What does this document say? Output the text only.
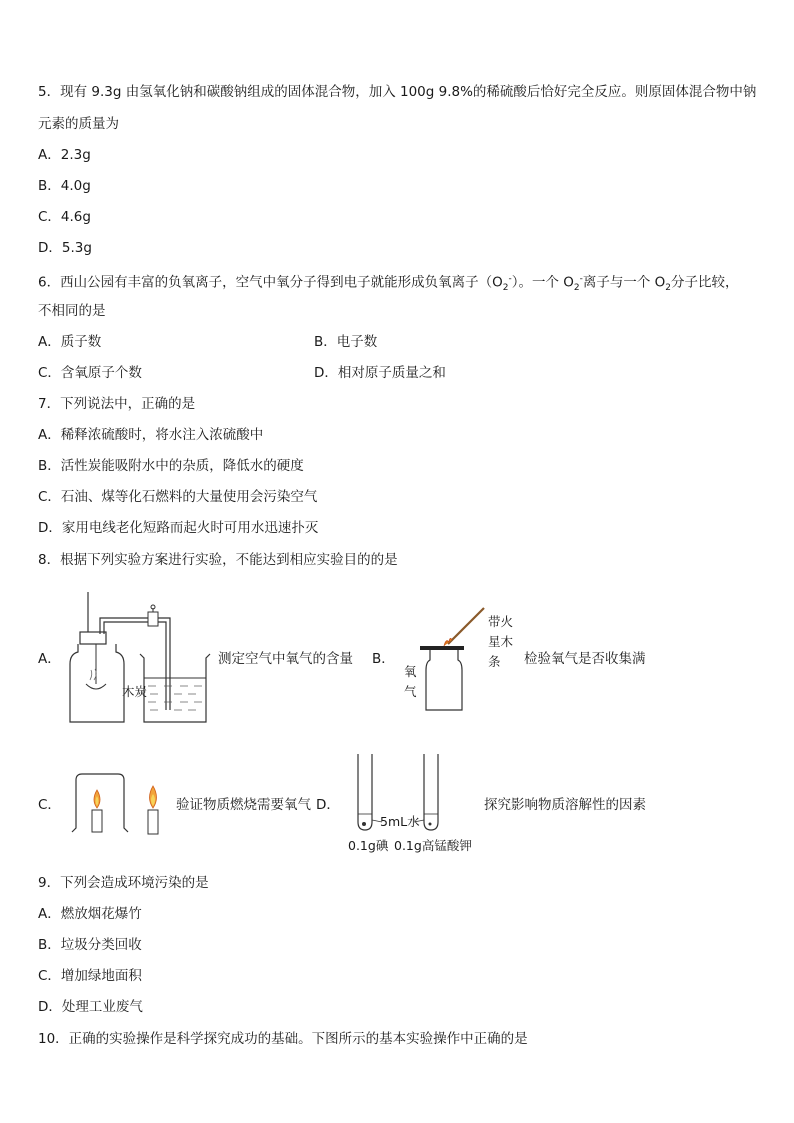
5．现有 9.3g 由氢氧化钠和碳酸钠组成的固体混合物，加入 100g 9.8%的稀硫酸后恰好完全反应。则原固体混合物中钠
元素的质量为
A．2.3g
B．4.0g
C．4.6g
D．5.3g
6．西山公园有丰富的负氧离子，空气中氧分子得到电子就能形成负氧离子$(O_2^-)$。一个 $O_2^-$离子与一个 $O_2$分子比较，
不相同的是
A．质子数	B．电子数
C．含氧原子个数	D．相对原子质量之和
7．下列说法中，正确的是
A．稀释浓硫酸时，将水注入浓硫酸中
B．活性炭能吸附水中的杂质，降低水的硬度
C．石油、煤等化石燃料的大量使用会污染空气
D．家用电线老化短路而起火时可用水迅速扑灭
8．根据下列实验方案进行实验，不能达到相应实验目的的是
A．
木炭
测定空气中氧气的含量 B．
带火
星木
条
氧
气
检验氧气是否收集满
C．	验证物质燃烧需要氧气 D．
5mL水
0.1g碘 0.1g高锰酸钾
探究影响物质溶解性的因素
9．下列会造成环境污染的是
A．燃放烟花爆竹
B．垃圾分类回收
C．增加绿地面积
D．处理工业废气
10．正确的实验操作是科学探究成功的基础。下图所示的基本实验操作中正确的是
